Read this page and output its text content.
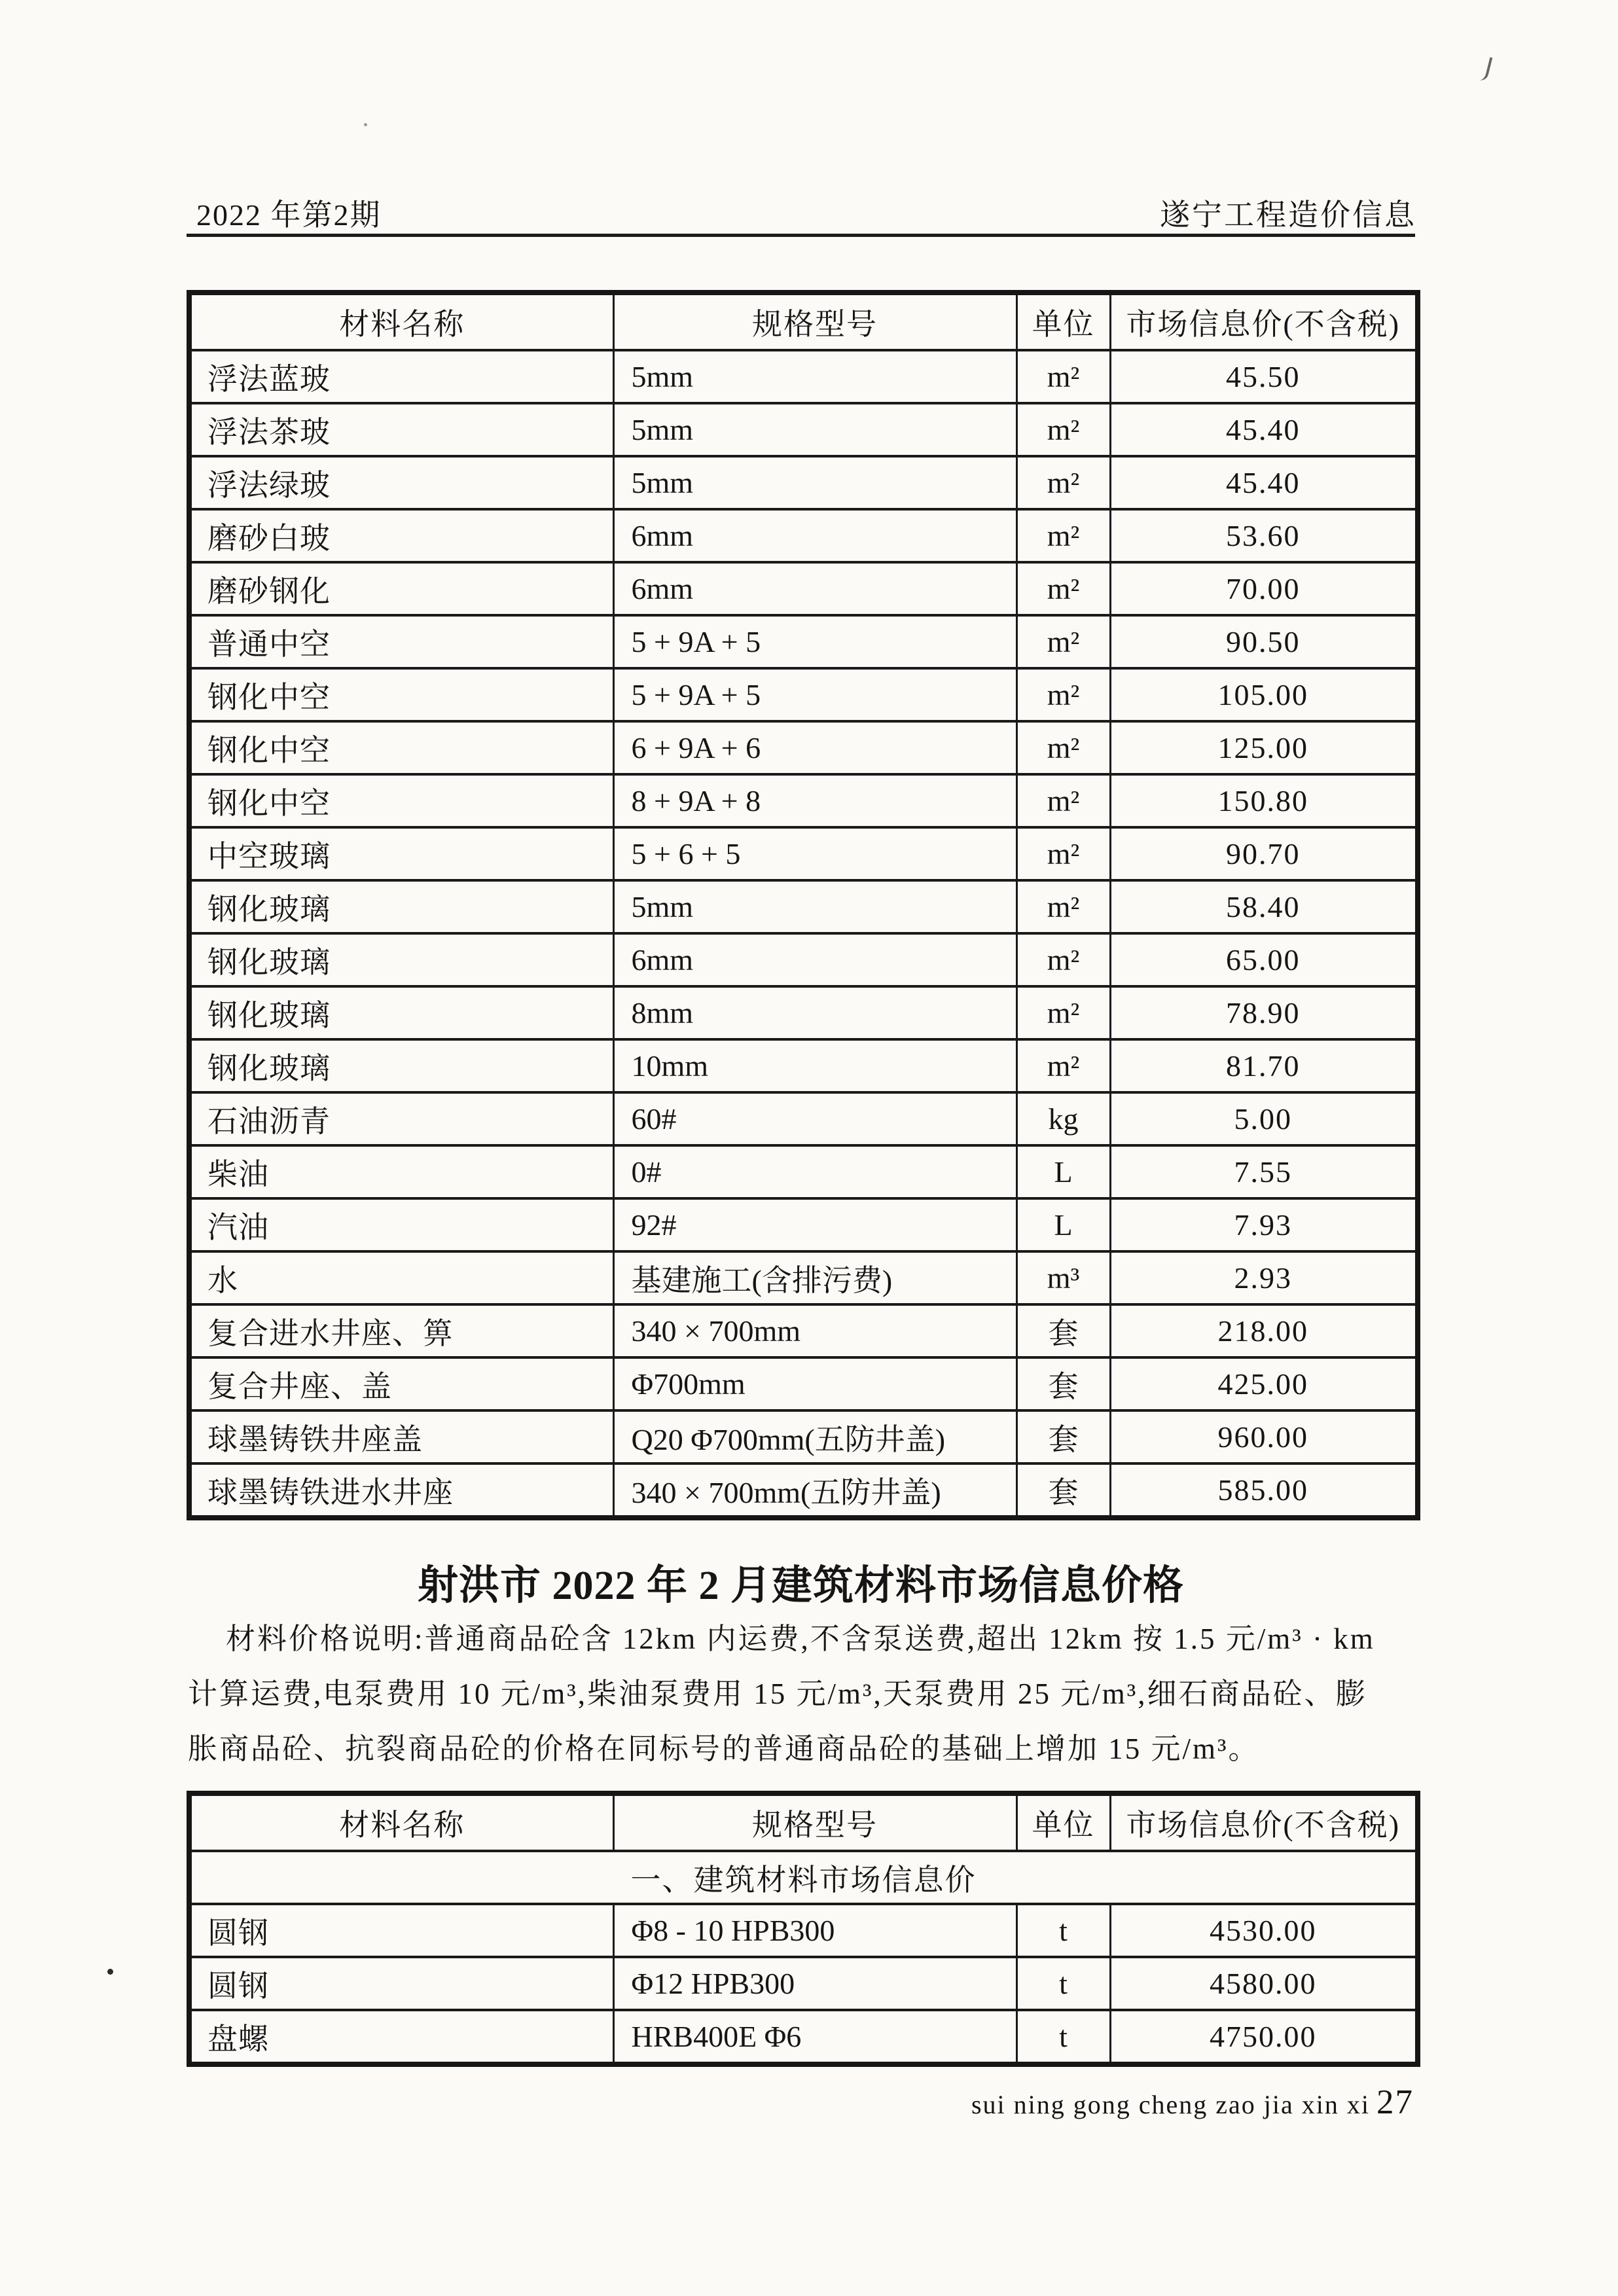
2022 年第2期	遂宁工程造价信息
材料名称	规格型号	单位	市场信息价(不含税)
浮法蓝玻	5mm	m²	45.50
浮法茶玻	5mm	m²	45.40
浮法绿玻	5mm	m²	45.40
磨砂白玻	6mm	m²	53.60
磨砂钢化	6mm	m²	70.00
普通中空	5 + 9A + 5	m²	90.50
钢化中空	5 + 9A + 5	m²	105.00
钢化中空	6 + 9A + 6	m²	125.00
钢化中空	8 + 9A + 8	m²	150.80
中空玻璃	5 + 6 + 5	m²	90.70
钢化玻璃	5mm	m²	58.40
钢化玻璃	6mm	m²	65.00
钢化玻璃	8mm	m²	78.90
钢化玻璃	10mm	m²	81.70
石油沥青	60#	kg	5.00
柴油	0#	L	7.55
汽油	92#	L	7.93
水	基建施工(含排污费)	m³	2.93
复合进水井座、箅	340 × 700mm	套	218.00
复合井座、盖	Φ700mm	套	425.00
球墨铸铁井座盖	Q20 Φ700mm(五防井盖)	套	960.00
球墨铸铁进水井座	340 × 700mm(五防井盖)	套	585.00
射洪市 2022 年 2 月建筑材料市场信息价格
材料价格说明:普通商品砼含 12km 内运费,不含泵送费,超出 12km 按 1.5 元/m³ · km
计算运费,电泵费用 10 元/m³,柴油泵费用 15 元/m³,天泵费用 25 元/m³,细石商品砼、膨
胀商品砼、抗裂商品砼的价格在同标号的普通商品砼的基础上增加 15 元/m³。
材料名称	规格型号	单位	市场信息价(不含税)
一、建筑材料市场信息价			
圆钢	Φ8 - 10 HPB300	t	4530.00
圆钢	Φ12 HPB300	t	4580.00
盘螺	HRB400E Φ6	t	4750.00
sui ning gong cheng zao jia xin xi 27
